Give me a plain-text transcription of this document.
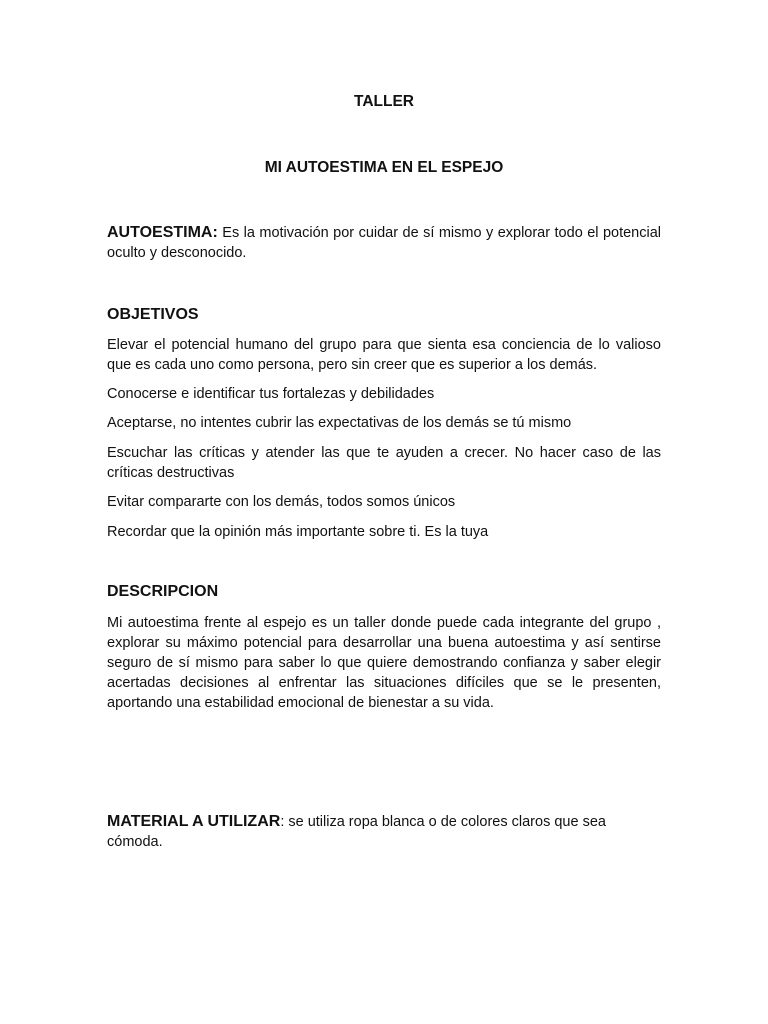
TALLER

MI AUTOESTIMA EN EL ESPEJO

AUTOESTIMA: Es la motivación por cuidar de sí mismo y explorar todo el potencial oculto y desconocido.

OBJETIVOS

Elevar el potencial humano del grupo para que sienta esa conciencia de lo valioso que es cada uno como persona, pero sin creer que es superior a los demás.

Conocerse e identificar tus fortalezas y debilidades

Aceptarse, no intentes cubrir las expectativas de los demás se tú mismo

Escuchar las críticas y atender las que te ayuden a crecer. No hacer caso de las críticas destructivas

Evitar compararte con los demás, todos somos únicos

Recordar que la opinión más importante sobre ti. Es la tuya

DESCRIPCION

Mi autoestima frente al espejo es un taller donde puede cada integrante del grupo , explorar su máximo potencial para desarrollar una buena autoestima y así sentirse seguro de sí mismo para saber lo que quiere demostrando confianza y saber elegir acertadas decisiones al enfrentar las situaciones difíciles que se le presenten, aportando una estabilidad emocional de bienestar a su vida.

MATERIAL A UTILIZAR: se utiliza ropa blanca o de colores claros que sea cómoda.
